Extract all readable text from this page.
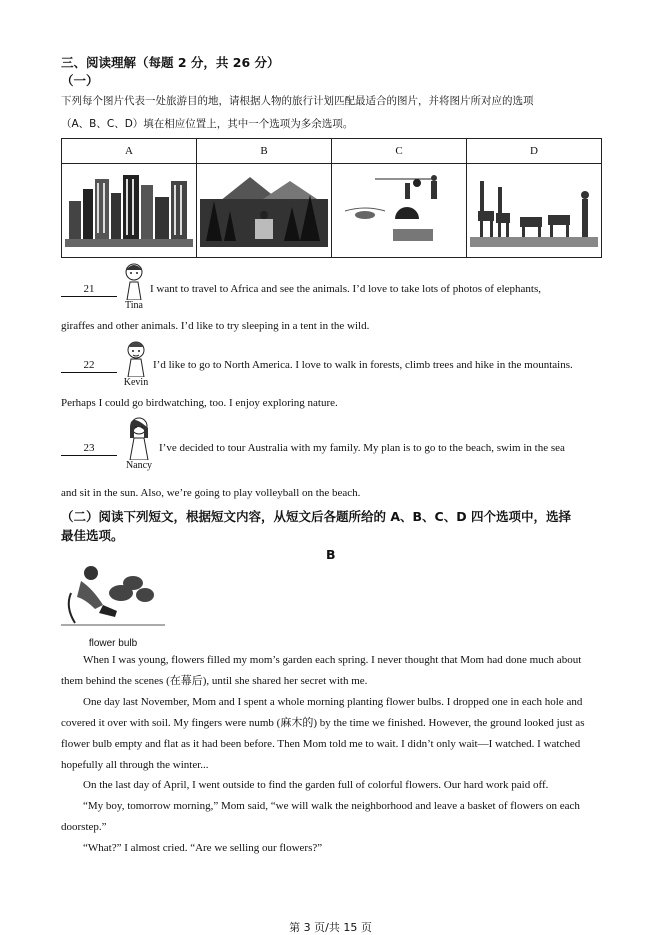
三、阅读理解（每题 2 分，共 26 分）
（一）
下列每个图片代表一处旅游目的地，请根据人物的旅行计划匹配最适合的图片，并将图片所对应的选项
（A、B、C、D）填在相应位置上，其中一个选项为多余选项。
A	B	C	D

21
Tina
I want to travel to Africa and see the animals. I’d love to take lots of photos of elephants,
giraffes and other animals. I’d like to try sleeping in a tent in the wild.
22
Kevin
I’d like to go to North America. I love to walk in forests, climb trees and hike in the mountains.
Perhaps I could go birdwatching, too. I enjoy exploring nature.
23
Nancy
I’ve decided to tour Australia with my family. My plan is to go to the beach, swim in the sea
and sit in the sun. Also, we’re going to play volleyball on the beach.
（二）阅读下列短文，根据短文内容，从短文后各题所给的 A、B、C、D 四个选项中，选择
最佳选项。
B
flower bulb
When I was young, flowers filled my mom’s garden each spring. I never thought that Mom had done much about them behind the scenes (在幕后), until she shared her secret with me.
One day last November, Mom and I spent a whole morning planting flower bulbs. I dropped one in each hole and covered it over with soil. My fingers were numb (麻木的) by the time we finished. However, the ground looked just as flower bulb empty and flat as it had been before. Then Mom told me to wait. I didn’t only wait—I watched. I watched hopefully all through the winter...
On the last day of April, I went outside to find the garden full of colorful flowers. Our hard work paid off.
“My boy, tomorrow morning,” Mom said, “we will walk the neighborhood and leave a basket of flowers on each doorstep.”
“What?” I almost cried. “Are we selling our flowers?”
第 3 页/共 15 页
